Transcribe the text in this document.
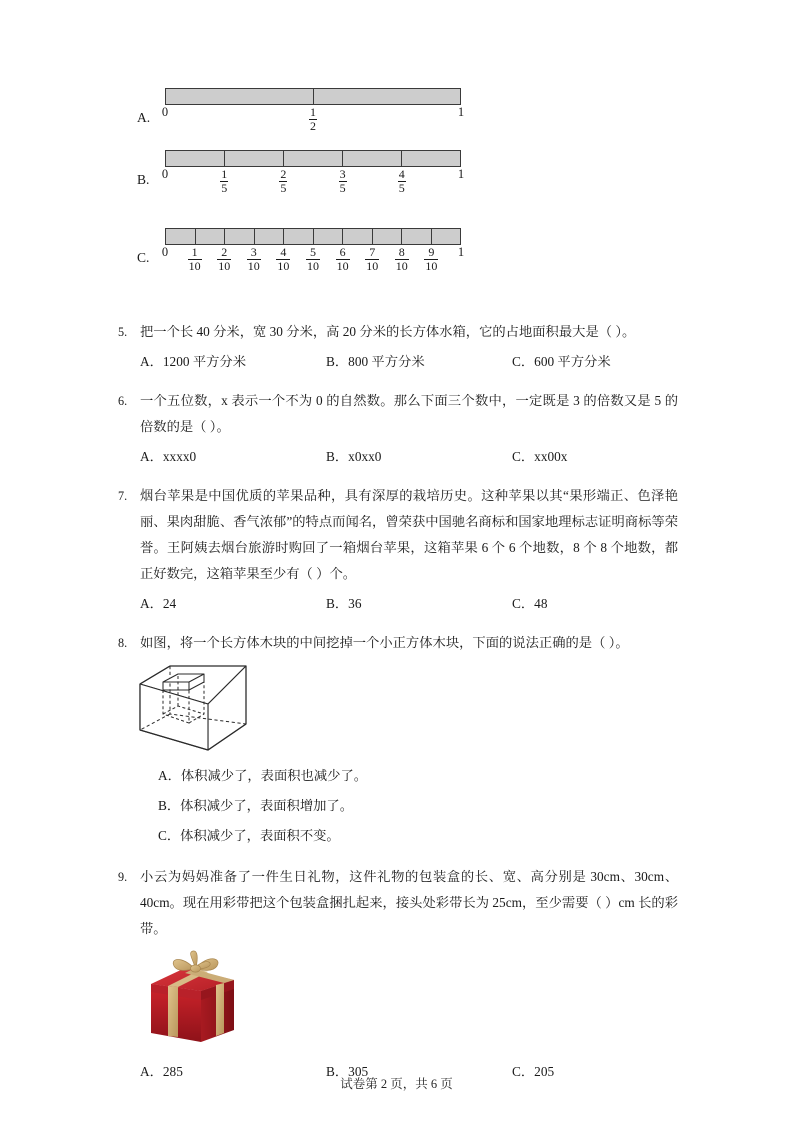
A. 0	$\frac{1}{2}$	1
B. 0	$\frac{1}{5}$	$\frac{2}{5}$	$\frac{3}{5}$	$\frac{4}{5}$	1
C. $0 \frac{1}{10} \frac{2}{10} \frac{3}{10} \frac{4}{10} \frac{5}{10} \frac{6}{10} \frac{7}{10} \frac{8}{10} \frac{9}{10} 1$
5. 把一个长 40 分米，宽 30 分米，高 20 分米的长方体水箱，它的占地面积最大是（ ）。
A．1200 平方分米	B．800 平方分米	C．600 平方分米
6. 一个五位数，x 表示一个不为 0 的自然数。那么下面三个数中，一定既是 3 的倍数又是 5 的倍数的是（ ）。
A．xxxx0	B．x0xx0	C．xx00x
7. 烟台苹果是中国优质的苹果品种，具有深厚的栽培历史。这种苹果以其“果形端正、色泽艳丽、果肉甜脆、香气浓郁”的特点而闻名，曾荣获中国驰名商标和国家地理标志证明商标等荣誉。王阿姨去烟台旅游时购回了一箱烟台苹果，这箱苹果 6 个 6 个地数，8 个 8 个地数，都正好数完，这箱苹果至少有（ ）个。
A．24	B．36	C．48
8. 如图，将一个长方体木块的中间挖掉一个小正方体木块，下面的说法正确的是（ ）。
A．体积减少了，表面积也减少了。
B．体积减少了，表面积增加了。
C．体积减少了，表面积不变。
9. 小云为妈妈准备了一件生日礼物，这件礼物的包装盒的长、宽、高分别是 30cm、30cm、40cm。现在用彩带把这个包装盒捆扎起来，接头处彩带长为 25cm，至少需要（ ）cm 长的彩带。
A．285	B．305	C．205
试卷第 2 页，共 6 页
